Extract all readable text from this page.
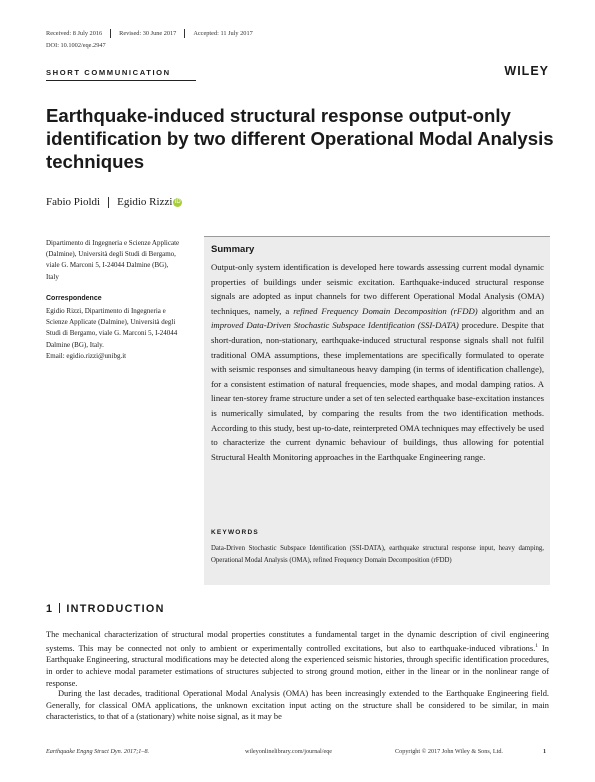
Received: 8 July 2016	Revised: 30 June 2017	Accepted: 11 July 2017
DOI: 10.1002/eqe.2947
SHORT COMMUNICATION	WILEY
Earthquake-induced structural response output-only identification by two different Operational Modal Analysis techniques
Fabio Pioldi Egidio Rizzi iD
Dipartimento di Ingegneria e Scienze Applicate (Dalmine), Università degli Studi di Bergamo, viale G. Marconi 5, I-24044 Dalmine (BG), Italy
Correspondence
Egidio Rizzi, Dipartimento di Ingegneria e Scienze Applicate (Dalmine), Università degli Studi di Bergamo, viale G. Marconi 5, I-24044 Dalmine (BG), Italy.
Email: egidio.rizzi@unibg.it
Summary
Output-only system identification is developed here towards assessing current modal dynamic properties of buildings under seismic excitation. Earthquake-induced structural response signals are adopted as input channels for two different Operational Modal Analysis (OMA) techniques, namely, a refined Frequency Domain Decomposition (rFDD) algorithm and an improved Data-Driven Stochastic Subspace Identification (SSI-DATA) procedure. Despite that short-duration, non-stationary, earthquake-induced structural response signals shall not fulfil traditional OMA assumptions, these implementations are specifically formulated to operate with seismic responses and simultaneous heavy damping (in terms of identification challenge), for a consistent estimation of natural frequencies, mode shapes, and modal damping ratios. A linear ten-storey frame structure under a set of ten selected earthquake base-excitation instances is numerically simulated, by comparing the results from the two identification methods. According to this study, best up-to-date, reinterpreted OMA techniques may effectively be used to characterize the current dynamic behaviour of buildings, thus allowing for potential Structural Health Monitoring approaches in the Earthquake Engineering range.
KEYWORDS
Data-Driven Stochastic Subspace Identification (SSI-DATA), earthquake structural response input, heavy damping, Operational Modal Analysis (OMA), refined Frequency Domain Decomposition (rFDD)
1 INTRODUCTION
The mechanical characterization of structural modal properties constitutes a fundamental target in the dynamic description of civil engineering systems. This may be connected not only to ambient or experimentally controlled excitations, but also to earthquake-induced vibrations.$^1$ In Earthquake Engineering, structural modifications may be detected along the experienced seismic histories, through specific identification procedures, in order to achieve modal parameter estimations of structures subjected to strong ground motion, either in the linear or in the nonlinear range of response.
During the last decades, traditional Operational Modal Analysis (OMA) has been increasingly extended to the Earthquake Engineering field. Generally, for classical OMA applications, the unknown excitation input acting on the structure shall be considered to be similar, in main characteristics, to that of a (stationary) white noise signal, as it may be
Earthquake Engng Struct Dyn. 2017;1–8.	wileyonlinelibrary.com/journal/eqe	Copyright © 2017 John Wiley & Sons, Ltd.	1
